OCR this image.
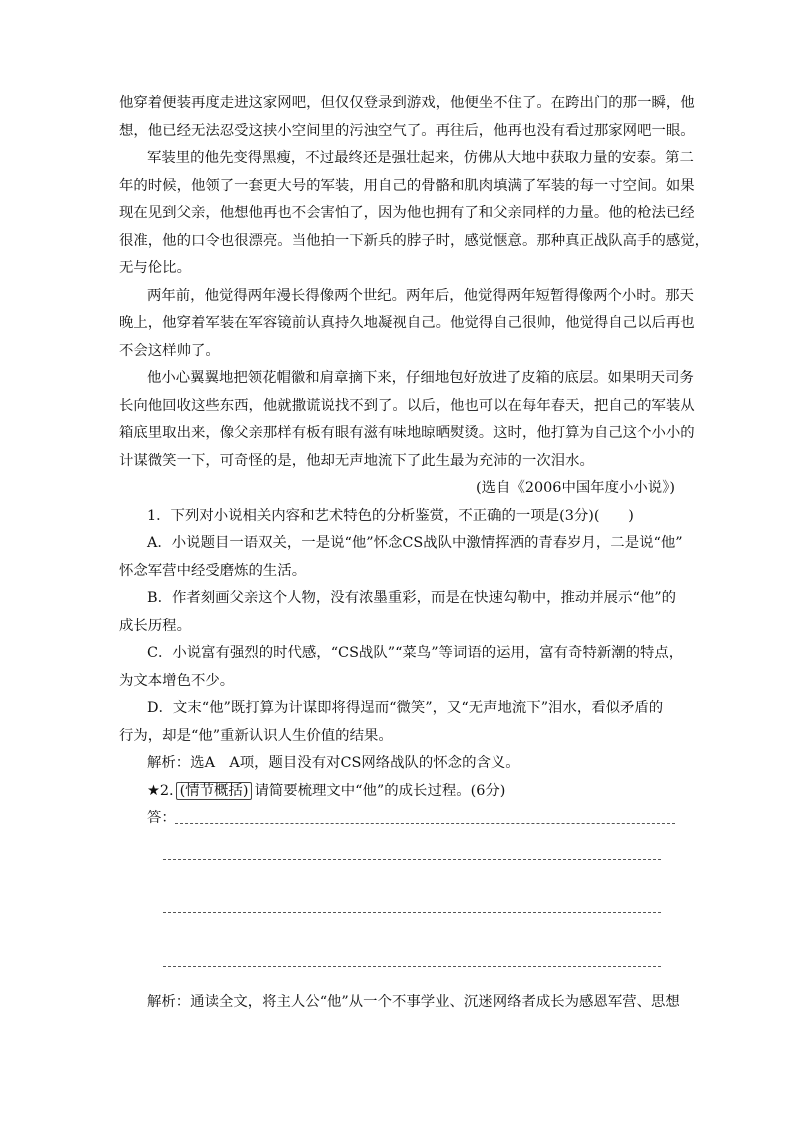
他穿着便装再度走进这家网吧，但仅仅登录到游戏，他便坐不住了。在跨出门的那一瞬，他
想，他已经无法忍受这挟小空间里的污浊空气了。再往后，他再也没有看过那家网吧一眼。
军装里的他先变得黑瘦，不过最终还是强壮起来，仿佛从大地中获取力量的安泰。第二
年的时候，他领了一套更大号的军装，用自己的骨骼和肌肉填满了军装的每一寸空间。如果
现在见到父亲，他想他再也不会害怕了，因为他也拥有了和父亲同样的力量。他的枪法已经
很准，他的口令也很漂亮。当他拍一下新兵的脖子时，感觉惬意。那种真正战队高手的感觉，
无与伦比。
两年前，他觉得两年漫长得像两个世纪。两年后，他觉得两年短暂得像两个小时。那天
晚上，他穿着军装在军容镜前认真持久地凝视自己。他觉得自己很帅，他觉得自己以后再也
不会这样帅了。
他小心翼翼地把领花帽徽和肩章摘下来，仔细地包好放进了皮箱的底层。如果明天司务
长向他回收这些东西，他就撒谎说找不到了。以后，他也可以在每年春天，把自己的军装从
箱底里取出来，像父亲那样有板有眼有滋有味地晾晒熨烫。这时，他打算为自己这个小小的
计谋微笑一下，可奇怪的是，他却无声地流下了此生最为充沛的一次泪水。
(选自《2006中国年度小小说》)
1．下列对小说相关内容和艺术特色的分析鉴赏，不正确的一项是(3分)(　　)
A．小说题目一语双关，一是说“他”怀念CS战队中激情挥洒的青春岁月，二是说“他”
怀念军营中经受磨炼的生活。
B．作者刻画父亲这个人物，没有浓墨重彩，而是在快速勾勒中，推动并展示“他”的
成长历程。
C．小说富有强烈的时代感，“CS战队”“菜鸟”等词语的运用，富有奇特新潮的特点，
为文本增色不少。
D．文末“他”既打算为计谋即将得逞而“微笑”，又“无声地流下”泪水，看似矛盾的
行为，却是“他”重新认识人生价值的结果。
解析：选A　A项，题目没有对CS网络战队的怀念的含义。
★2. (情节概括) 请简要梳理文中“他”的成长过程。(6分)
答：
解析：通读全文，将主人公“他”从一个不事学业、沉迷网络者成长为感恩军营、思想
